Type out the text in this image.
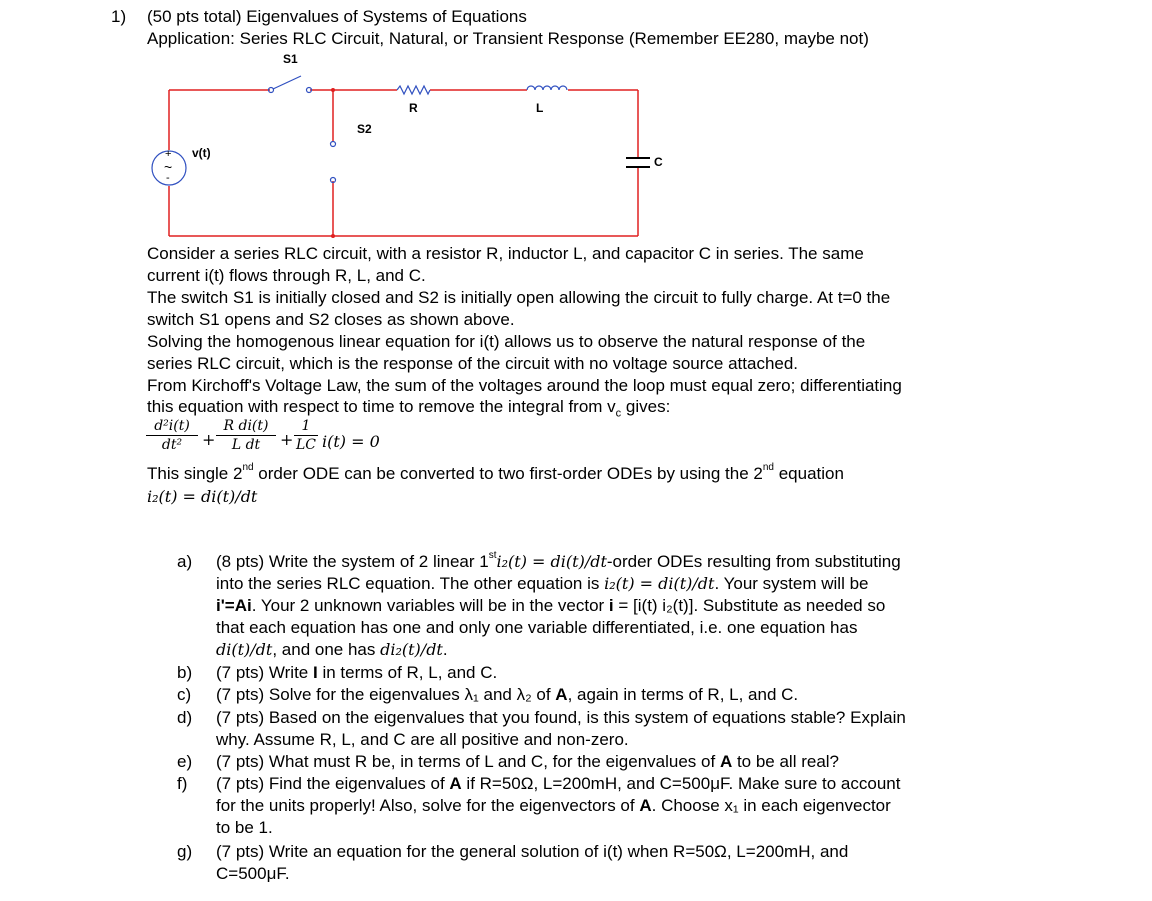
1) (50 pts total) Eigenvalues of Systems of Equations
Application: Series RLC Circuit, Natural, or Transient Response (Remember EE280, maybe not)
S1
S2
R	L
C
v(t)
+
~
-
Consider a series RLC circuit, with a resistor R, inductor L, and capacitor C in series. The same
current i(t) flows through R, L, and C.
The switch S1 is initially closed and S2 is initially open allowing the circuit to fully charge. At t=0 the
switch S1 opens and S2 closes as shown above.
Solving the homogenous linear equation for i(t) allows us to observe the natural response of the
series RLC circuit, which is the response of the circuit with no voltage source attached.
From Kirchoff's Voltage Law, the sum of the voltages around the loop must equal zero; differentiating
this equation with respect to time to remove the integral from $v_c$ gives:
d²i(t)
dt²	+
R di(t)
L dt	+
1
LC i(t) = 0
This single 2nd order ODE can be converted to two first-order ODEs by using the 2nd equation
i₂(t) = di(t)/dt
a) (8 pts) Write the system of 2 linear 1sti₂(t) = di(t)/dt-order ODEs resulting from substituting
into the series RLC equation. The other equation is i₂(t) = di(t)/dt. Your system will be
i'=Ai. Your 2 unknown variables will be in the vector i = [i(t) i₂(t)]. Substitute as needed so
that each equation has one and only one variable differentiated, i.e. one equation has
di(t)/dt, and one has di₂(t)/dt.
b) (7 pts) Write I in terms of R, L, and C.
c) (7 pts) Solve for the eigenvalues λ₁ and λ₂ of A, again in terms of R, L, and C.
d) (7 pts) Based on the eigenvalues that you found, is this system of equations stable? Explain
why. Assume R, L, and C are all positive and non-zero.
e) (7 pts) What must R be, in terms of L and C, for the eigenvalues of A to be all real?
f) (7 pts) Find the eigenvalues of A if R=50Ω, L=200mH, and C=500μF. Make sure to account
for the units properly! Also, solve for the eigenvectors of A. Choose x₁ in each eigenvector
to be 1.
g) (7 pts) Write an equation for the general solution of i(t) when R=50Ω, L=200mH, and
C=500μF.
